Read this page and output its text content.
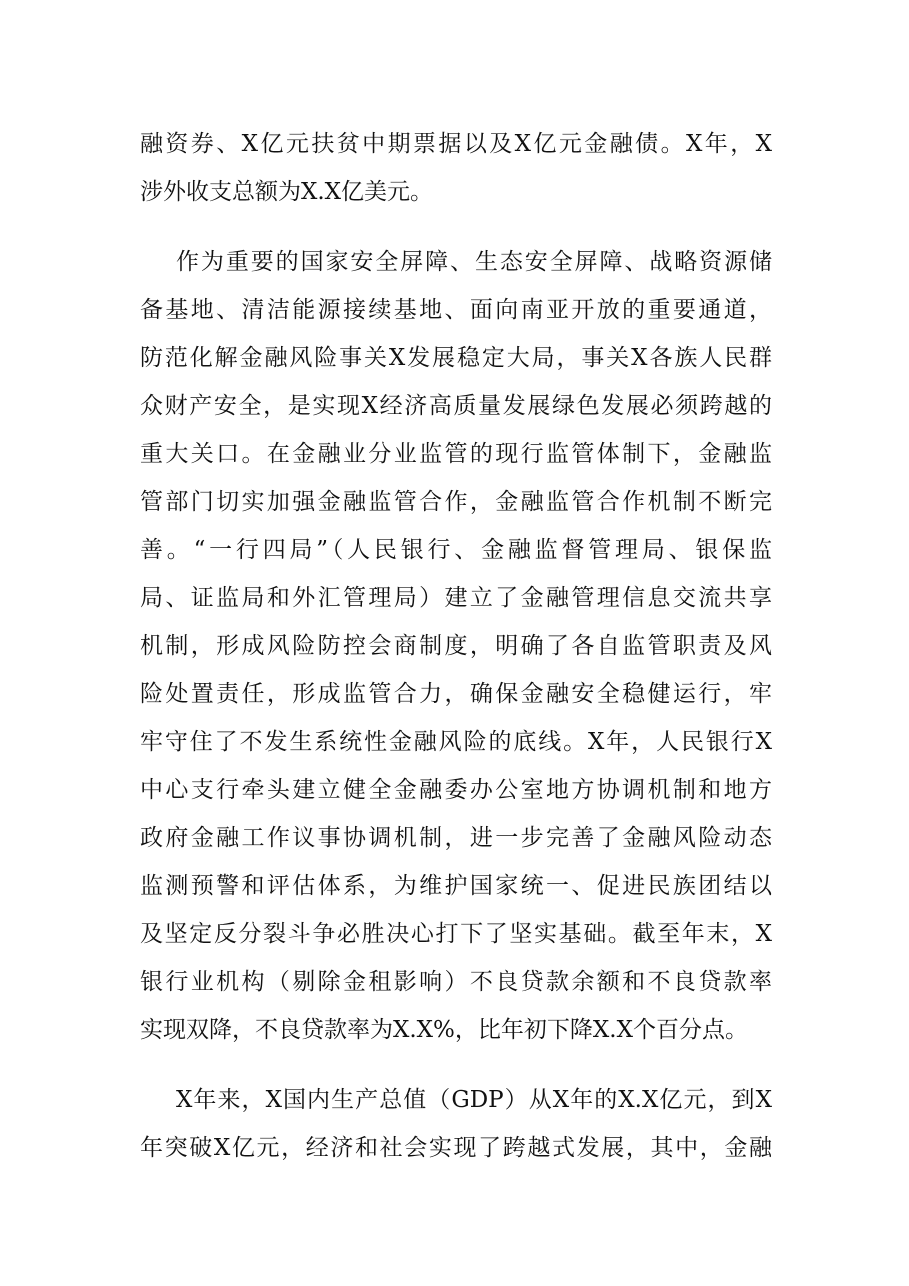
融资券、X亿元扶贫中期票据以及X亿元金融债。X年，X
涉外收支总额为X.X亿美元。
作为重要的国家安全屏障、生态安全屏障、战略资源储
备基地、清洁能源接续基地、面向南亚开放的重要通道，
防范化解金融风险事关X发展稳定大局，事关X各族人民群
众财产安全，是实现X经济高质量发展绿色发展必须跨越的
重大关口。在金融业分业监管的现行监管体制下，金融监
管部门切实加强金融监管合作，金融监管合作机制不断完
善。“一行四局”（人民银行、金融监督管理局、银保监
局、证监局和外汇管理局）建立了金融管理信息交流共享
机制，形成风险防控会商制度，明确了各自监管职责及风
险处置责任，形成监管合力，确保金融安全稳健运行，牢
牢守住了不发生系统性金融风险的底线。X年，人民银行X
中心支行牵头建立健全金融委办公室地方协调机制和地方
政府金融工作议事协调机制，进一步完善了金融风险动态
监测预警和评估体系，为维护国家统一、促进民族团结以
及坚定反分裂斗争必胜决心打下了坚实基础。截至年末，X
银行业机构（剔除金租影响）不良贷款余额和不良贷款率
实现双降，不良贷款率为X.X%，比年初下降X.X个百分点。
X年来，X国内生产总值（GDP）从X年的X.X亿元，到X
年突破X亿元，经济和社会实现了跨越式发展，其中，金融
